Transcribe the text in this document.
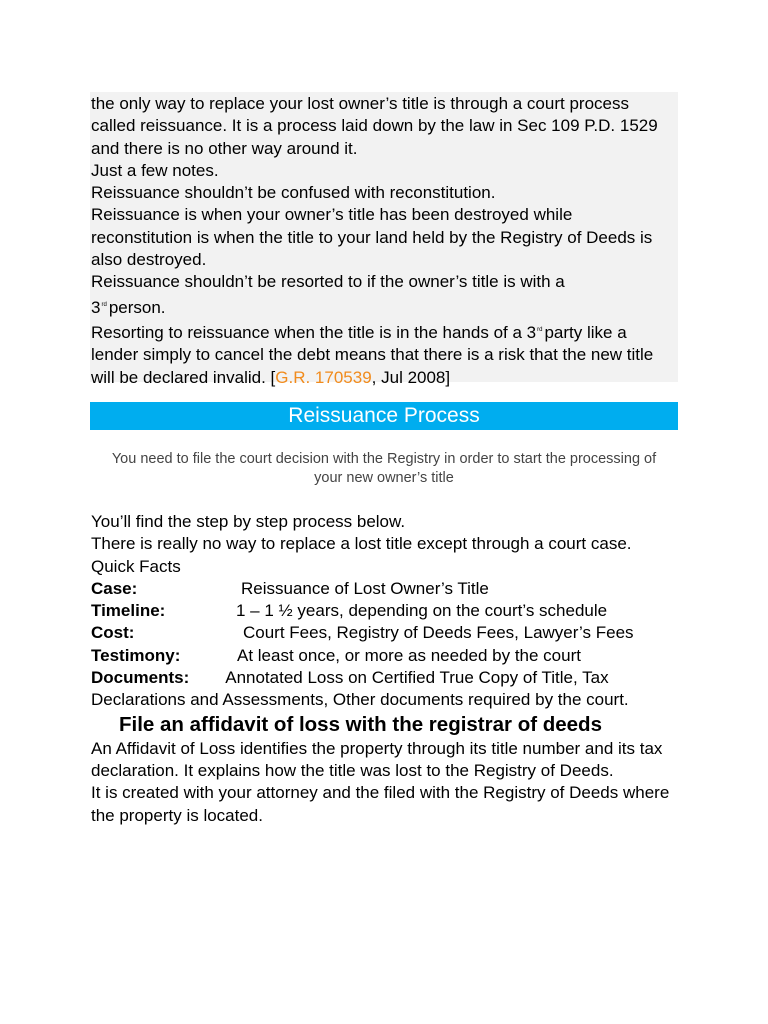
the only way to replace your lost owner’s title is through a court process called reissuance. It is a process laid down by the law in Sec 109 P.D. 1529 and there is no other way around it.

Just a few notes.

Reissuance shouldn’t be confused with reconstitution.

Reissuance is when your owner’s title has been destroyed while reconstitution is when the title to your land held by the Registry of Deeds is also destroyed.

Reissuance shouldn’t be resorted to if the owner’s title is with a

3rd person.

Resorting to reissuance when the title is in the hands of a 3rd party like a lender simply to cancel the debt means that there is a risk that the new title will be declared invalid. [G.R. 170539, Jul 2008]

Reissuance Process
You need to file the court decision with the Registry in order to start the processing of your new owner’s title

You’ll find the step by step process below.

There is really no way to replace a lost title except through a court case.

Quick Facts

Case:	Reissuance of Lost Owner’s Title
Timeline:	1 – 1 ½ years, depending on the court’s schedule
Cost:	Court Fees, Registry of Deeds Fees, Lawyer’s Fees
Testimony:	At least once, or more as needed by the court
Documents: Annotated Loss on Certified True Copy of Title, Tax Declarations and Assessments, Other documents required by the court.
File an affidavit of loss with the registrar of deeds

An Affidavit of Loss identifies the property through its title number and its tax declaration. It explains how the title was lost to the Registry of Deeds.

It is created with your attorney and the filed with the Registry of Deeds where the property is located.
